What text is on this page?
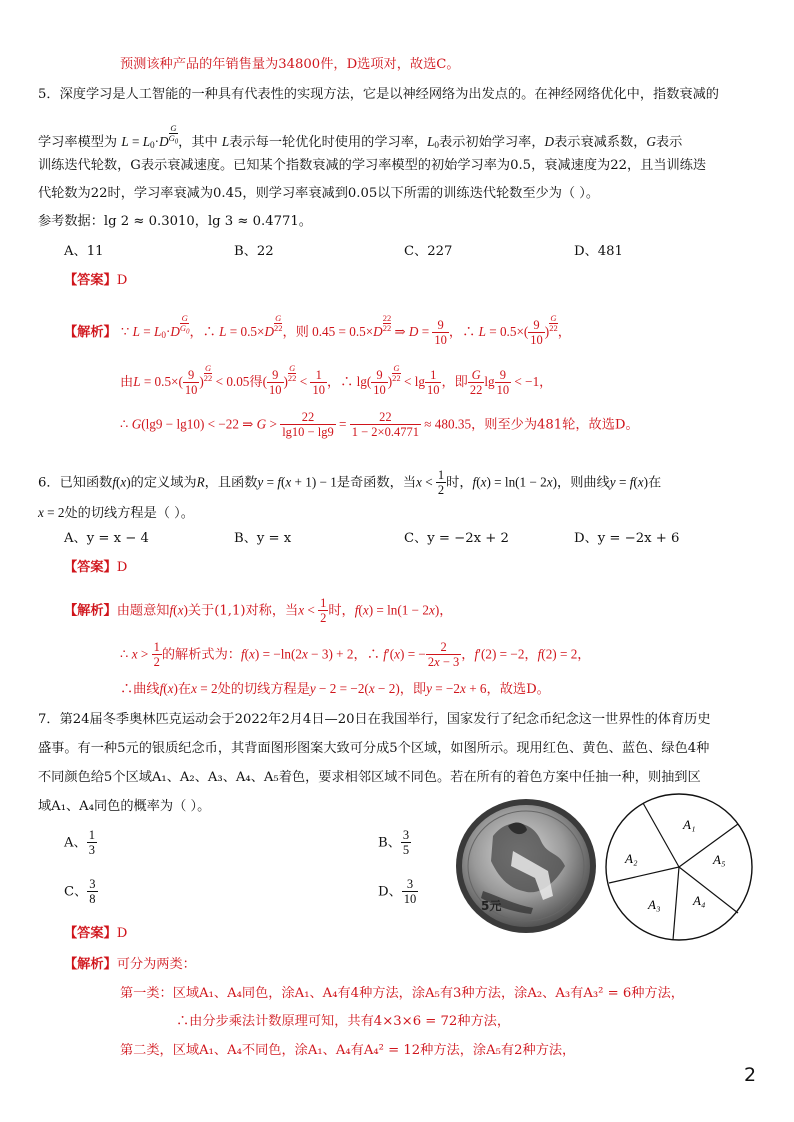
预测该种产品的年销售量为34800件，D选项对，故选C。
5．深度学习是人工智能的一种具有代表性的实现方法，它是以神经网络为出发点的。在神经网络优化中，指数衰减的
学习率模型为 $L = L0\cdot D \frac{G}{G_0}$ ，其中 L表示每一轮优化时使用的学习率，L0表示初始学习率，D表示衰减系数，G表示
训练迭代轮数，G表示衰减速度。已知某个指数衰减的学习率模型的初始学习率为0.5，衰减速度为22，且当训练迭
代轮数为22时，学习率衰减为0.45，则学习率衰减到0.05以下所需的训练迭代轮数至少为（ ）。
参考数据：lg 2 ≈ 0.3010，lg 3 ≈ 0.4771。
A、11	B、22	C、227	D、481
【答案】D
【解析】 ∵ $L = L0\cdot D \frac{G}{G_0}$ ，∴ $L = 0.5\times D \frac{G}{22}$ ，则 $0.45 = 0.5\times D \frac{22}{22}$ ⇒ $D = \frac{9}{10}$ ，∴ $L = 0.5\times( \frac{9}{10}$ ) $\frac{G}{22}$ ，
由$L = 0.5\times( \frac{9}{10}$ ) $\frac{G}{22} < 0.05$得( $\frac{9}{10}$ ) $\frac{G}{22} < \frac{1}{10}$ ，∴ $\lg( \frac{9}{10}$ ) $\frac{G}{22} < \lg \frac{1}{10}$ ，即 $\frac{G}{22}$ $\lg \frac{9}{10} < -1$，
∴ G(lg9 − lg10) < −22 ⇒ $G > \frac{22}{\lg 10 - \lg 9} = \frac{22}{1 - 2\times 0.4771} \approx 480.35$，则至少为481轮，故选D。
6．已知函数f(x)的定义域为R，且函数y = f(x + 1) − 1是奇函数，当$x < \frac{1}{2}$ 时，f(x) = ln(1 − 2x)，则曲线y = f(x)在
x = 2处的切线方程是（ ）。
A、y = x − 4	B、y = x	C、y = −2x + 2	D、y = −2x + 6
【答案】D
【解析】由题意知f(x)关于(1,1)对称，当$x < \frac{1}{2}$ 时，f(x) = ln(1 − 2x)，
∴ $x > \frac{1}{2}$ 的解析式为：f(x) = −ln(2x − 3) + 2，∴ f′(x) = − $\frac{2}{2x - 3}$ ，f′(2) = −2，f(2) = 2，
∴曲线f(x)在x = 2处的切线方程是y − 2 = −2(x − 2)，即y = −2x + 6，故选D。
7．第24届冬季奥林匹克运动会于2022年2月4日—20日在我国举行，国家发行了纪念币纪念这一世界性的体育历史
盛事。有一种5元的银质纪念币，其背面图形图案大致可分成5个区域，如图所示。现用红色、黄色、蓝色、绿色4种
不同颜色给5个区域A₁、A₂、A₃、A₄、A₅着色，要求相邻区域不同色。若在所有的着色方案中任抽一种，则抽到区
域A₁、A₄同色的概率为（ ）。
A、 $\frac{1}{3}$	B、 $\frac{3}{5}$
C、 $\frac{3}{8}$	D、 $\frac{3}{10}$	5元
A₁
A₂
A₃	A₄
A₅
【答案】D
【解析】可分为两类：
第一类：区域A₁、A₄同色，涂A₁、A₄有4种方法，涂A₅有3种方法，涂A₂、A₃有A₃² = 6种方法，
∴由分步乘法计数原理可知，共有4×3×6 = 72种方法，
第二类，区域A₁、A₄不同色，涂A₁、A₄有A₄² = 12种方法，涂A₅有2种方法，
2
